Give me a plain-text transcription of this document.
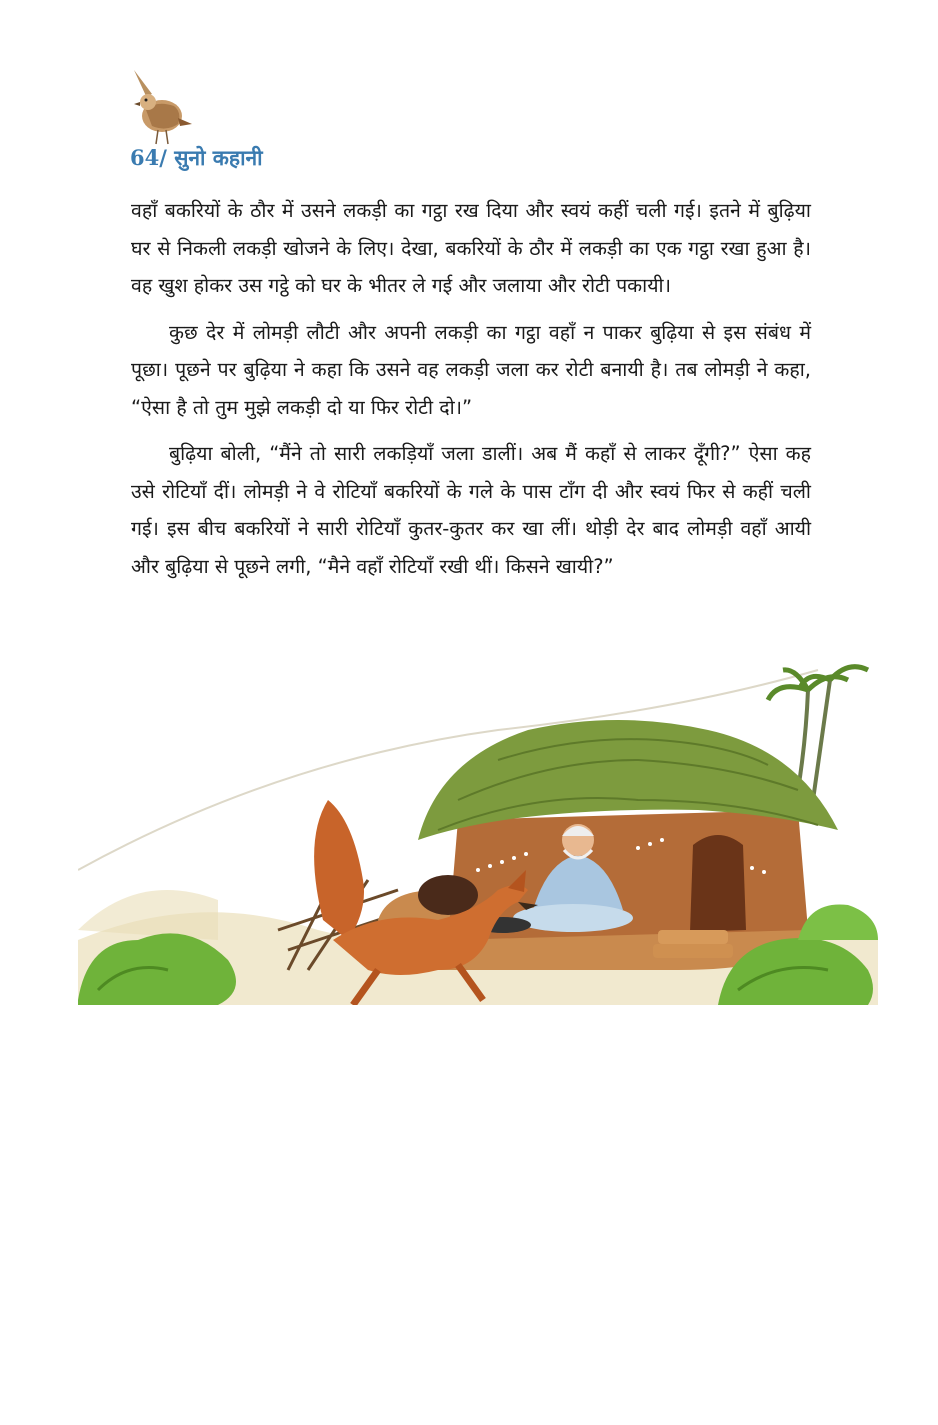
64/ सुनो कहानी

वहाँ बकरियों के ठौर में उसने लकड़ी का गट्ठा रख दिया और स्वयं कहीं चली गई। इतने में बुढ़िया घर से निकली लकड़ी खोजने के लिए। देखा, बकरियों के ठौर में लकड़ी का एक गट्ठा रखा हुआ है। वह खुश होकर उस गट्ठे को घर के भीतर ले गई और जलाया और रोटी पकायी।

कुछ देर में लोमड़ी लौटी और अपनी लकड़ी का गट्ठा वहाँ न पाकर बुढ़िया से इस संबंध में पूछा। पूछने पर बुढ़िया ने कहा कि उसने वह लकड़ी जला कर रोटी बनायी है। तब लोमड़ी ने कहा, “ऐसा है तो तुम मुझे लकड़ी दो या फिर रोटी दो।”

बुढ़िया बोली, “मैंने तो सारी लकड़ियाँ जला डालीं। अब मैं कहाँ से लाकर दूँगी?” ऐसा कह उसे रोटियाँ दीं। लोमड़ी ने वे रोटियाँ बकरियों के गले के पास टाँग दी और स्वयं फिर से कहीं चली गई। इस बीच बकरियों ने सारी रोटियाँ कुतर-कुतर कर खा लीं। थोड़ी देर बाद लोमड़ी वहाँ आयी और बुढ़िया से पूछने लगी, “मैने वहाँ रोटियाँ रखी थीं। किसने खायी?”
